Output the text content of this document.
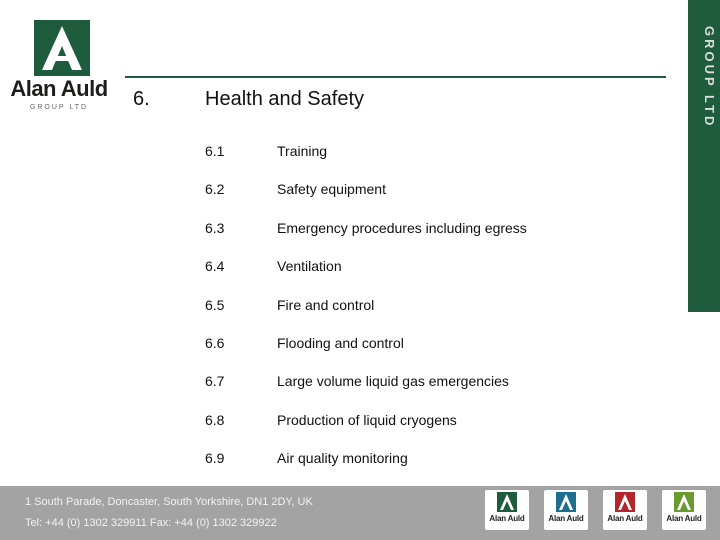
Alan Auld
GROUP LTD	GROUP LTD
6.	Health and Safety
6.1	Training
6.2	Safety equipment
6.3	Emergency procedures including egress
6.4	Ventilation
6.5	Fire and control
6.6	Flooding and control
6.7	Large volume liquid gas emergencies
6.8	Production of liquid cryogens
6.9	Air quality monitoring
1 South Parade, Doncaster, South Yorkshire, DN1 2DY, UK
Tel: +44 (0) 1302 329911 Fax: +44 (0) 1302 329922	Alan Auld	Alan Auld	Alan Auld	Alan Auld
